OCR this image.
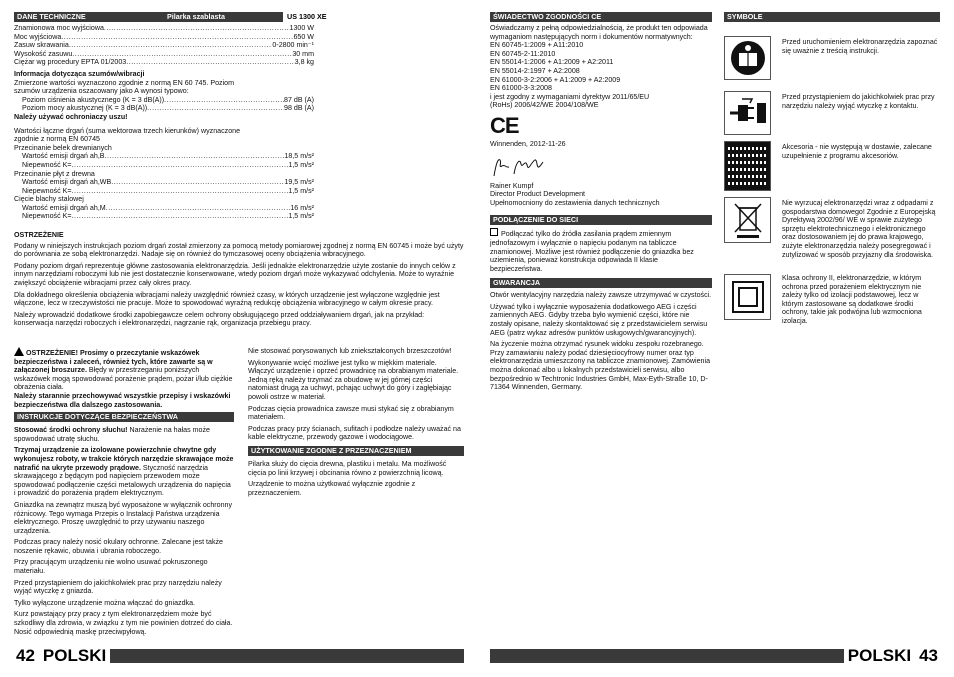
DANE TECHNICZNE	Pilarka szablasta	US 1300 XE
Znamionowa moc wyjściowa .....	1300 W
Moc wyjściowa .....	650 W
Zasuw skrawania .....	0-2800 min⁻¹
Wysokość zasuwu .....	30 mm
Ciężar wg procedury EPTA 01/2003 .....	3,8 kg
Informacja dotycząca szumów/wibracji
Zmierzone wartości wyznaczono zgodnie z normą EN 60 745. Poziom szumów urządzenia oszacowany jako A wynosi typowo:
Poziom ciśnienia akustycznego (K = 3 dB(A)) .....	87 dB (A)
Poziom mocy akustycznej (K = 3 dB(A)) .....	98 dB (A)
Należy używać ochroniaczy uszu!
Wartości łączne drgań (suma wektorowa trzech kierunków) wyznaczone zgodnie z normą EN 60745
Przecinanie belek drewnianych
Wartość emisji drgań ah,B .....	18,5 m/s²
Niepewność K= .....	1,5 m/s²
Przecinanie płyt z drewna
Wartość emisji drgań ah,WB .....	19,5 m/s²
Niepewność K= .....	1,5 m/s²
Cięcie blachy stalowej
Wartość emisji drgań ah,M .....	16 m/s²
Niepewność K= .....	1,5 m/s²
OSTRZEŻENIE

Podany w niniejszych instrukcjach poziom drgań został zmierzony za pomocą metody pomiarowej zgodnej z normą EN 60745 i może być użyty do porównania ze sobą elektronarzędzi. Nadaje się on również do tymczasowej oceny obciążenia wibracyjnego.

Podany poziom drgań reprezentuje główne zastosowania elektronarzędzia. Jeśli jednakże elektronarzędzie użyte zostanie do innych celów z innym narzędziami roboczymi lub nie jest dostatecznie konserwowane, wtedy poziom drgań może wykazywać odchylenia. Może to wyraźnie zwiększyć obciążenie wibracjami przez cały okres pracy.

Dla dokładnego określenia obciążenia wibracjami należy uwzględnić również czasy, w których urządzenie jest wyłączone względnie jest włączone, lecz w rzeczywistości nie pracuje. Może to spowodować wyraźną redukcję obciążenia wibracyjnego w całym okresie pracy.

Należy wprowadzić dodatkowe środki zapobiegawcze celem ochrony obsługującego przed oddziaływaniem drgań, jak na przykład: konserwacja narzędzi roboczych i elektronarzędzi, nagrzanie rąk, organizacja przebiegu pracy.

OSTRZEŻENIE! Prosimy o przeczytanie wskazówek bezpieczeństwa i zaleceń, również tych, które zawarte są w załączonej broszurze. Błędy w przestrzeganiu poniższych wskazówek mogą spowodować porażenie prądem, pożar i/lub ciężkie obrażenia ciała.
Należy starannie przechowywać wszystkie przepisy i wskazówki bezpieczeństwa dla dalszego zastosowania.

INSTRUKCJE DOTYCZĄCE BEZPIECZEŃSTWA

Stosować środki ochrony słuchu! Narażenie na hałas może spowodować utratę słuchu.

Trzymaj urządzenie za izolowane powierzchnie chwytne gdy wykonujesz roboty, w trakcie których narzędzie skrawające może natrafić na ukryte przewody prądowe. Styczność narzędzia skrawającego z będącym pod napięciem przewodem może spowodować podłączenie części metalowych urządzenia do napięcia i prowadzić do porażenia prądem elektrycznym.

Gniazdka na zewnątrz muszą być wyposażone w wyłącznik ochronny różnicowy. Tego wymaga Przepis o Instalacji Państwa urządzenia elektrycznego. Proszę uwzględnić to przy używaniu naszego urządzenia.

Podczas pracy należy nosić okulary ochronne. Zalecane jest także noszenie rękawic, obuwia i ubrania roboczego.

Przy pracującym urządzeniu nie wolno usuwać pokruszonego materiału.

Przed przystąpieniem do jakichkolwiek prac przy narzędziu należy wyjąć wtyczkę z gniazda.

Tylko wyłączone urządzenie można włączać do gniazdka.

Kurz powstający przy pracy z tym elektronarzędziem może być szkodliwy dla zdrowia, w związku z tym nie powinien dotrzeć do ciała. Nosić odpowiednią maskę przeciwpyłową.

Nie stosować porysowanych lub zniekształconych brzeszczotów!

Wykonywanie wcięć możliwe jest tylko w miękkim materiale. Włączyć urządzenie i oprzeć prowadnicę na obrabianym materiale. Jedną ręką należy trzymać za obudowę w jej górnej części natomiast drugą za uchwyt, pchając uchwyt do góry i zagłębiając powoli ostrze w materiał.

Podczas cięcia prowadnica zawsze musi stykać się z obrabianym materiałem.

Podczas pracy przy ścianach, sufitach i podłodze należy uważać na kable elektryczne, przewody gazowe i wodociągowe.

UŻYTKOWANIE ZGODNE Z PRZEZNACZENIEM

Pilarka służy do cięcia drewna, plastiku i metalu. Ma możliwość cięcia po linii krzywej i obcinania równo z powierzchnią licową.

Urządzenie to można użytkować wyłącznie zgodnie z przeznaczeniem.

42 POLSKI
ŚWIADECTWO ZGODNOŚCI CE
Oświadczamy z pełną odpowiedzialnością, że produkt ten odpowiada wymaganiom następujących norm i dokumentów normatywnych:
EN 60745-1:2009 + A11:2010
EN 60745-2-11:2010
EN 55014-1:2006 + A1:2009 + A2:2011
EN 55014-2:1997 + A2:2008
EN 61000-3-2:2006 + A1:2009 + A2:2009
EN 61000-3-3:2008
i jest zgodny z wymaganiami dyrektyw 2011/65/EU (RoHs) 2006/42/WE 2004/108/WE
CE
Winnenden, 2012-11-26
Rainer Kumpf
Director Product Development
Upełnomocniony do zestawienia danych technicznych
PODŁĄCZENIE DO SIECI

Podłączać tylko do źródła zasilania prądem zmiennym jednofazowym i wyłącznie o napięciu podanym na tabliczce znamionowej. Możliwe jest również podłączenie do gniazdka bez uziemienia, ponieważ konstrukcja odpowiada II klasie bezpieczeństwa.

GWARANCJA

Otwór wentylacyjny narzędzia należy zawsze utrzymywać w czystości.

Używać tylko i wyłącznie wyposażenia dodatkowego AEG i części zamiennych AEG. Gdyby trzeba było wymienić części, które nie zostały opisane, należy skontaktować się z przedstawicielem serwisu AEG (patrz wykaz adresów punktów usługowych/gwarancyjnych).

Na życzenie można otrzymać rysunek widoku zespołu rozebranego. Przy zamawianiu należy podać dziesięciocyfrowy numer oraz typ elektronarzędzia umieszczony na tabliczce znamionowej. Zamówienia można dokonać albo u lokalnych przedstawicieli serwisu, albo bezpośrednio w Techtronic Industries GmbH, Max-Eyth-Straße 10, D-71364 Winnenden, Germany.

SYMBOLE
Przed uruchomieniem elektronarzędzia zapoznać się uważnie z treścią instrukcji.
Przed przystąpieniem do jakichkolwiek prac przy narzędziu należy wyjąć wtyczkę z kontaktu.
Akcesoria - nie występują w dostawie, zalecane uzupełnienie z programu akcesoriów.
Nie wyrzucaj elektronarzędzi wraz z odpadami z gospodarstwa domowego! Zgodnie z Europejską Dyrektywą 2002/96/ WE w sprawie zużytego sprzętu elektrotechnicznego i elektronicznego oraz dostosowaniem jej do prawa krajowego, zużyte elektronarzędzia należy posegregować i zutylizować w sposób przyjazny dla środowiska.
Klasa ochrony II, elektronarzędzie, w którym ochrona przed porażeniem elektrycznym nie zależy tylko od izolacji podstawowej, lecz w którym zastosowane są dodatkowe środki ochrony, takie jak podwójna lub wzmocniona izolacja.
POLSKI 43
